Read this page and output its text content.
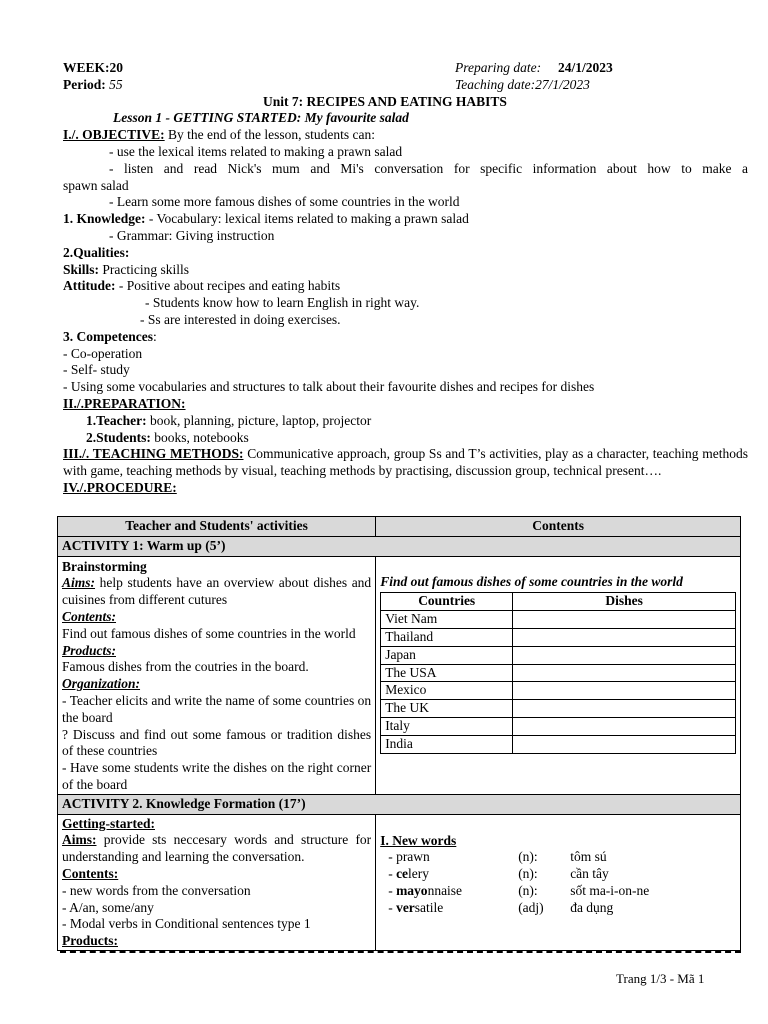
WEEK:20	Preparing date: 24/1/2023
Period: 55	Teaching date:27/1/2023
Unit 7: RECIPES AND EATING HABITS
Lesson 1 - GETTING STARTED: My favourite salad
I./. OBJECTIVE: By the end of the lesson, students can:
- use the lexical items related to making a prawn salad
- listen and read Nick's mum and Mi's conversation for specific information about how to make a
spawn salad
- Learn some more famous dishes of some countries in the world
1. Knowledge: - Vocabulary: lexical items related to making a prawn salad
- Grammar: Giving instruction
2.Qualities:
Skills: Practicing skills
Attitude: - Positive about recipes and eating habits
- Students know how to learn English in right way.
- Ss are interested in doing exercises.
3. Competences:
- Co-operation
- Self- study
- Using some vocabularies and structures to talk about their favourite dishes and recipes for dishes
II./.PREPARATION:
1.Teacher: book, planning, picture, laptop, projector
2.Students: books, notebooks
III./. TEACHING METHODS: Communicative approach, group Ss and T’s activities, play as a character, teaching methods with game, teaching methods by visual, teaching methods by practising, discussion group, technical present….
IV./.PROCEDURE:
Teacher and Students' activities	Contents
ACTIVITY 1: Warm up (5’)

Brainstorming
Aims: help students have an overview about dishes and cuisines from different cutures
Contents:
Find out famous dishes of some countries in the world
Products:
Famous dishes from the coutries in the board.
Organization:
- Teacher elicits and write the name of some countries on the board
? Discuss and find out some famous or tradition dishes of these countries
- Have some students write the dishes on the right corner of the board

Find out famous dishes of some countries in the world
Countries	Dishes
Viet Nam	
Thailand	
Japan	
The USA	
Mexico	
The UK	
Italy	
India	

ACTIVITY 2. Knowledge Formation (17’)

Getting-started:
Aims: provide sts neccesary words and structure for understanding and learning the conversation.
Contents:
- new words from the conversation
- A/an, some/any
- Modal verbs in Conditional sentences type 1
Products:

I. New words
- prawn	(n):	tôm sú
- celery	(n):	cần tây
- mayonnaise	(n):	sốt ma-i-on-ne
- versatile	(adj)	đa dụng
Trang 1/3 - Mã 1
